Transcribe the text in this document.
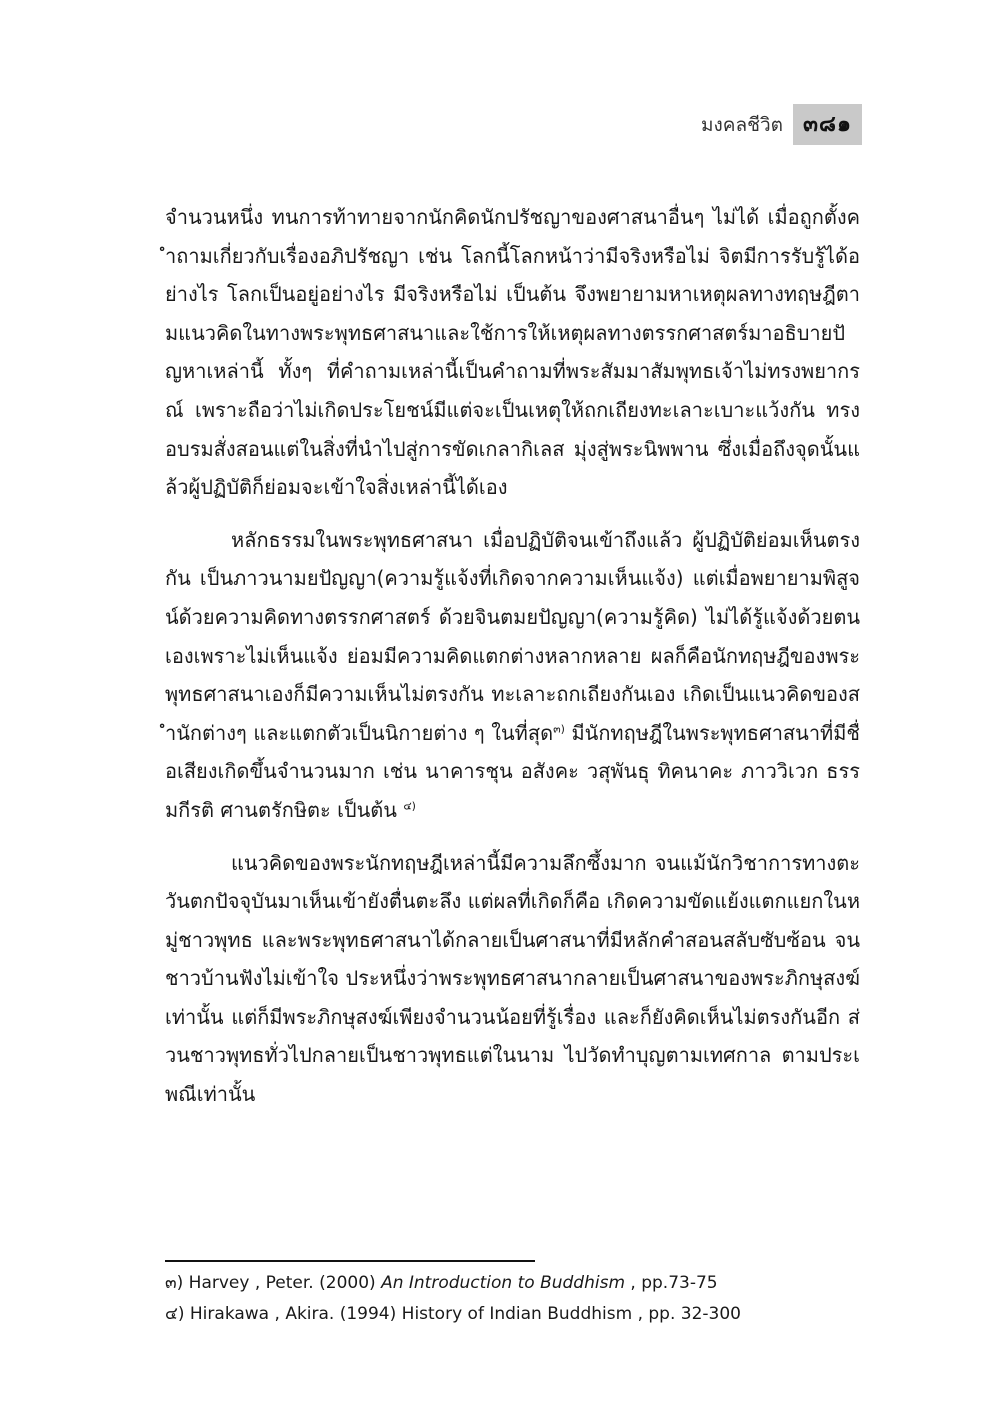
มงคลชีวิต ๓๘๑

จำนวนหนึ่ง ทนการท้าทายจากนักคิดนักปรัชญาของศาสนาอื่นๆ ไม่ได้ เมื่อถูกตั้งคำถามเกี่ยวกับเรื่องอภิปรัชญา เช่น โลกนี้โลกหน้าว่ามีจริงหรือไม่ จิตมีการรับรู้ได้อย่างไร โลกเป็นอยู่อย่างไร มีจริงหรือไม่ เป็นต้น จึงพยายามหาเหตุผลทางทฤษฎีตามแนวคิดในทางพระพุทธศาสนาและใช้การให้เหตุผลทางตรรกศาสตร์มาอธิบายปัญหาเหล่านี้ ทั้งๆ ที่คำถามเหล่านี้เป็นคำถามที่พระสัมมาสัมพุทธเจ้าไม่ทรงพยากรณ์ เพราะถือว่าไม่เกิดประโยชน์มีแต่จะเป็นเหตุให้ถกเถียงทะเลาะเบาะแว้งกัน ทรงอบรมสั่งสอนแต่ในสิ่งที่นำไปสู่การขัดเกลากิเลส มุ่งสู่พระนิพพาน ซึ่งเมื่อถึงจุดนั้นแล้วผู้ปฏิบัติก็ย่อมจะเข้าใจสิ่งเหล่านี้ได้เอง

หลักธรรมในพระพุทธศาสนา เมื่อปฏิบัติจนเข้าถึงแล้ว ผู้ปฏิบัติย่อมเห็นตรงกัน เป็นภาวนามยปัญญา(ความรู้แจ้งที่เกิดจากความเห็นแจ้ง) แต่เมื่อพยายามพิสูจน์ด้วยความคิดทางตรรกศาสตร์ ด้วยจินตมยปัญญา(ความรู้คิด) ไม่ได้รู้แจ้งด้วยตนเองเพราะไม่เห็นแจ้ง ย่อมมีความคิดแตกต่างหลากหลาย ผลก็คือนักทฤษฎีของพระพุทธศาสนาเองก็มีความเห็นไม่ตรงกัน ทะเลาะถกเถียงกันเอง เกิดเป็นแนวคิดของสำนักต่างๆ และแตกตัวเป็นนิกายต่าง ๆ ในที่สุด$^{๓)}$ มีนักทฤษฎีในพระพุทธศาสนาที่มีชื่อเสียงเกิดขึ้นจำนวนมาก เช่น นาคารชุน อสังคะ วสุพันธุ ทิคนาคะ ภาววิเวก ธรรมกีรติ ศานตรักษิตะ เป็นต้น $^{๔)}$

แนวคิดของพระนักทฤษฎีเหล่านี้มีความลึกซึ้งมาก จนแม้นักวิชาการทางตะวันตกปัจจุบันมาเห็นเข้ายังตื่นตะลึง แต่ผลที่เกิดก็คือ เกิดความขัดแย้งแตกแยกในหมู่ชาวพุทธ และพระพุทธศาสนาได้กลายเป็นศาสนาที่มีหลักคำสอนสลับซับซ้อน จนชาวบ้านฟังไม่เข้าใจ ประหนึ่งว่าพระพุทธศาสนากลายเป็นศาสนาของพระภิกษุสงฆ์เท่านั้น แต่ก็มีพระภิกษุสงฆ์เพียงจำนวนน้อยที่รู้เรื่อง และก็ยังคิดเห็นไม่ตรงกันอีก ส่วนชาวพุทธทั่วไปกลายเป็นชาวพุทธแต่ในนาม ไปวัดทำบุญตามเทศกาล ตามประเพณีเท่านั้น

๓) Harvey , Peter. (2000) An Introduction to Buddhism , pp.73-75
๔) Hirakawa , Akira. (1994) History of Indian Buddhism , pp. 32-300
